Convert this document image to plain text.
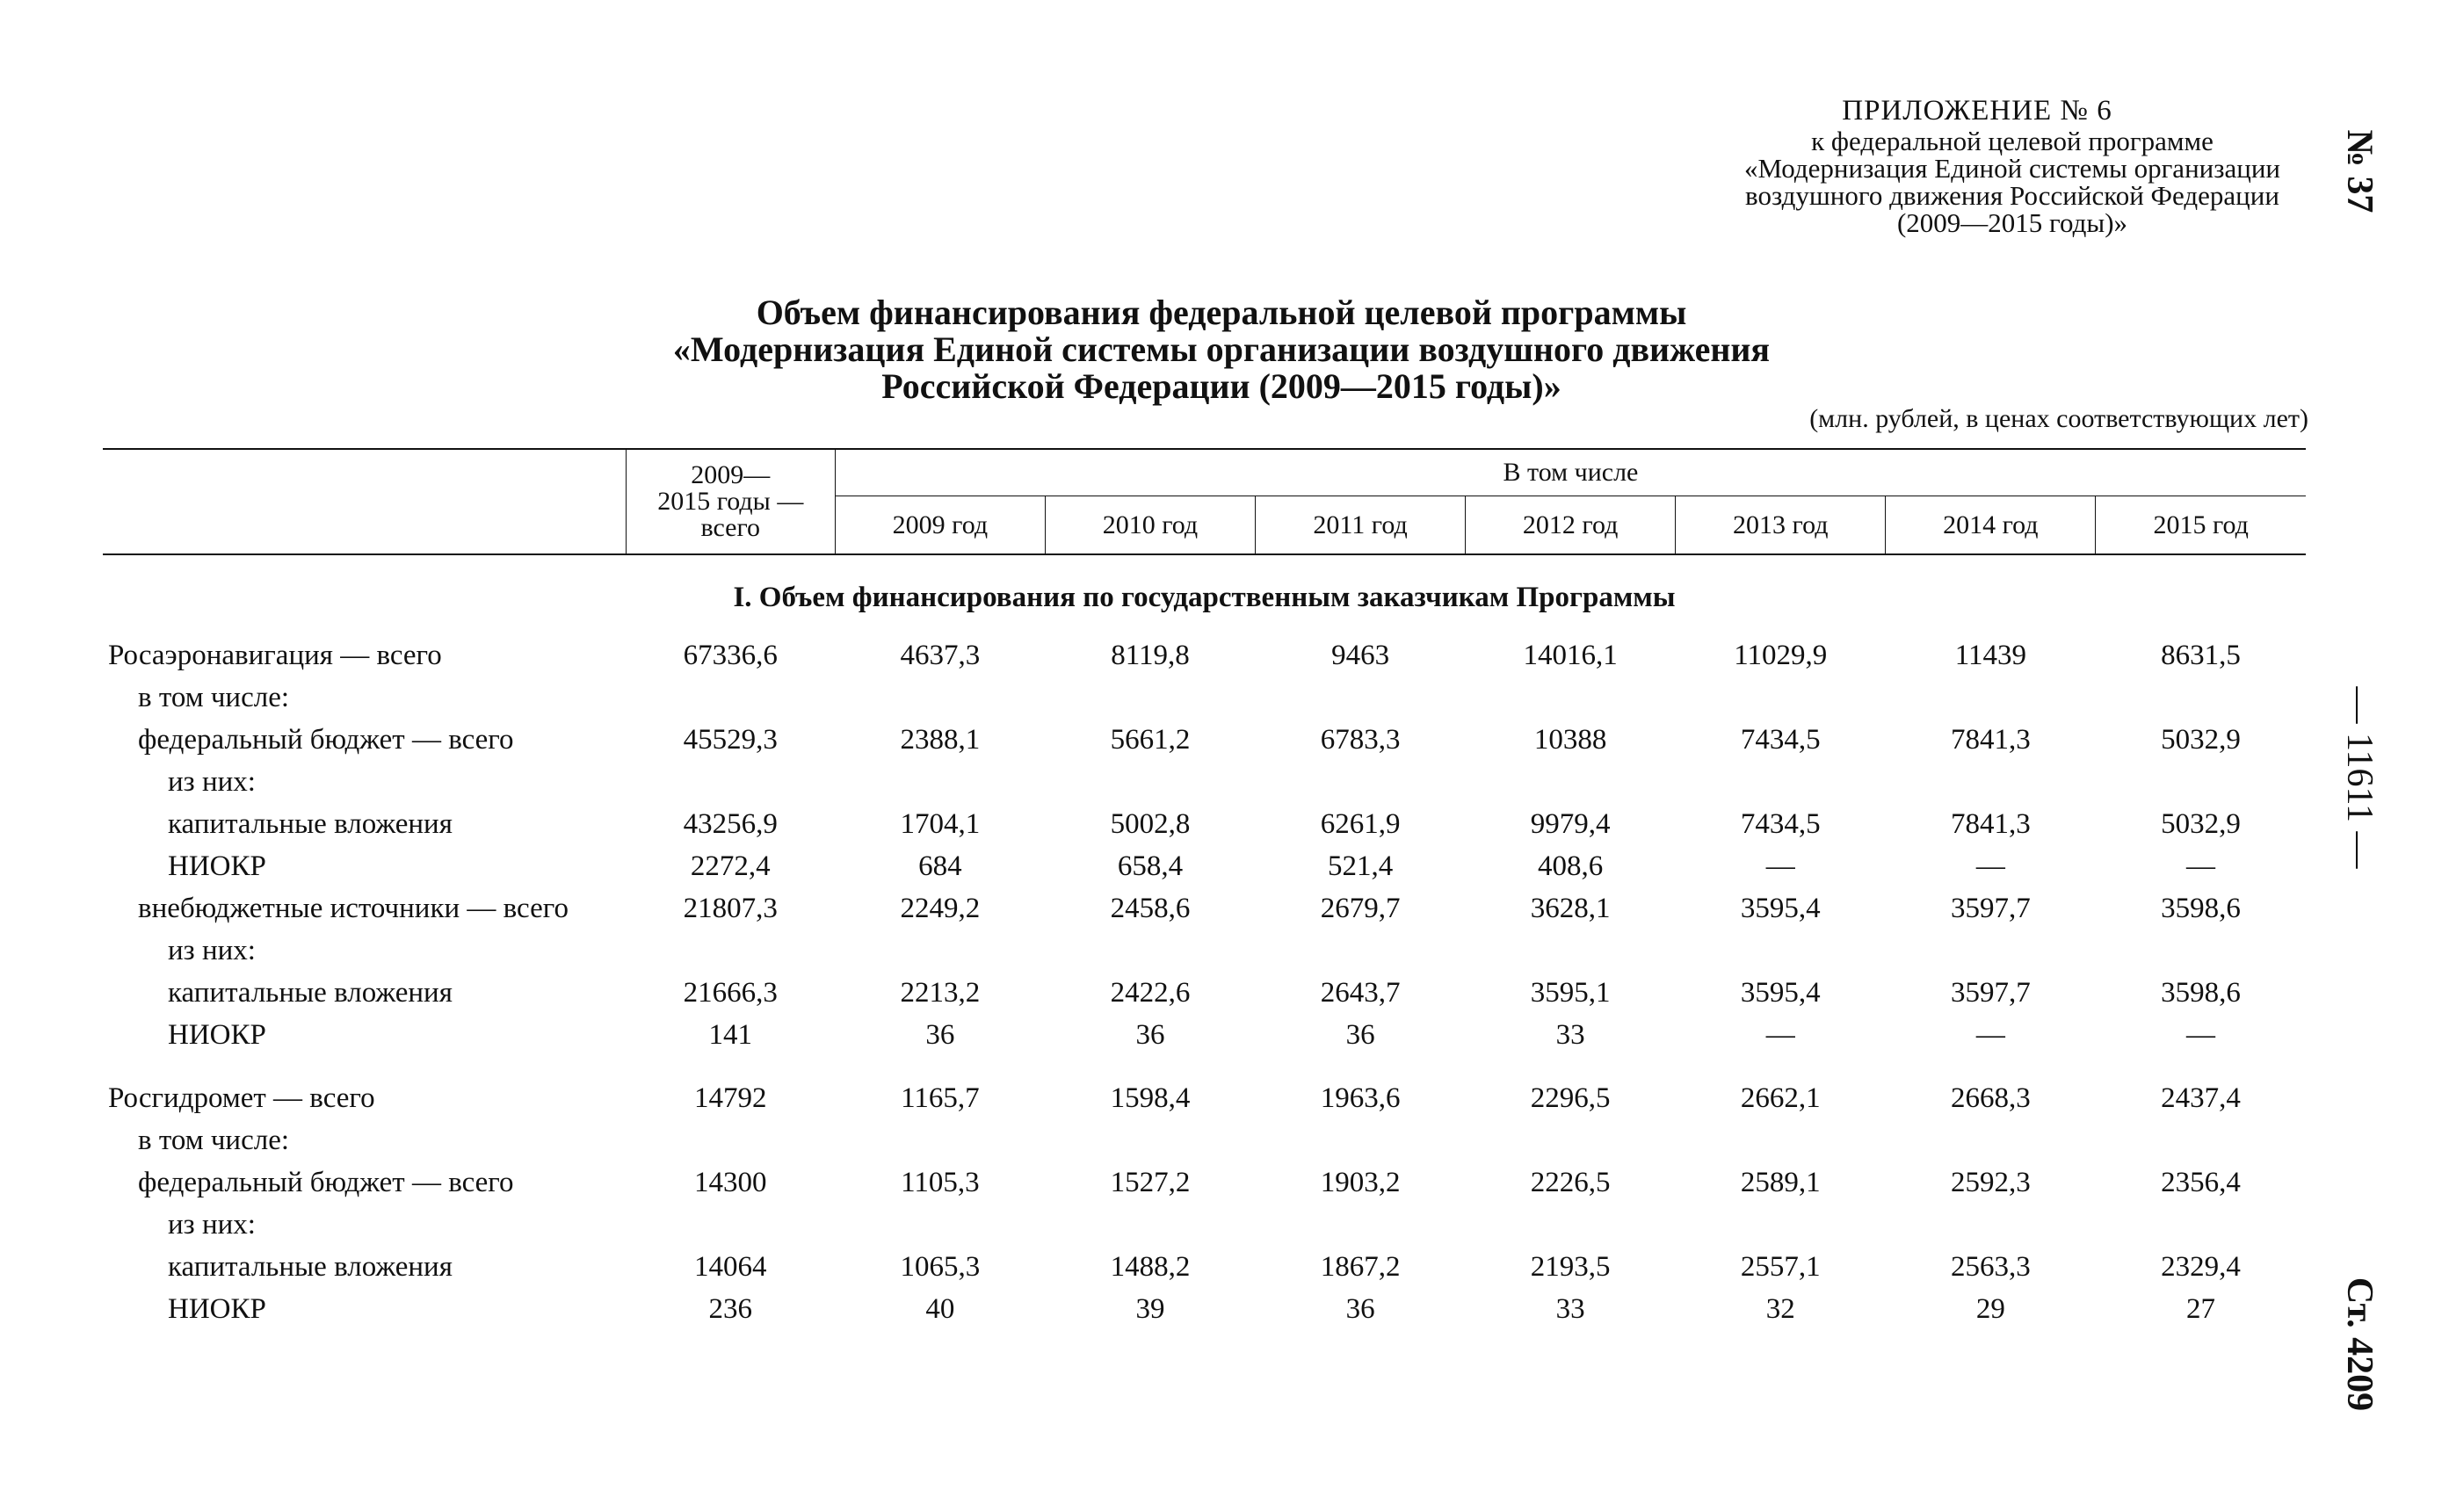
ПРИЛОЖЕНИЕ № 6
к федеральной целевой программе
«Модернизация Единой системы организации
воздушного движения Российской Федерации
(2009—2015 годы)»
№ 37
— 11611 —
Ст. 4209
Объем финансирования федеральной целевой программы
«Модернизация Единой системы организации воздушного движения
Российской Федерации (2009—2015 годы)»
(млн. рублей, в ценах соответствующих лет)

	2009—
2015 годы —
всего	В том числе						
		2009 год	2010 год	2011 год	2012 год	2013 год	2014 год	2015 год
I. Объем финансирования по государственным заказчикам Программы								
Росаэронавигация — всего	67336,6	4637,3	8119,8	9463	14016,1	11029,9	11439	8631,5
в том числе:								
федеральный бюджет — всего	45529,3	2388,1	5661,2	6783,3	10388	7434,5	7841,3	5032,9
из них:								
капитальные вложения	43256,9	1704,1	5002,8	6261,9	9979,4	7434,5	7841,3	5032,9
НИОКР	2272,4	684	658,4	521,4	408,6	—	—	—
внебюджетные источники — всего	21807,3	2249,2	2458,6	2679,7	3628,1	3595,4	3597,7	3598,6
из них:								
капитальные вложения	21666,3	2213,2	2422,6	2643,7	3595,1	3595,4	3597,7	3598,6
НИОКР	141	36	36	36	33	—	—	—

Росгидромет — всего	14792	1165,7	1598,4	1963,6	2296,5	2662,1	2668,3	2437,4
в том числе:								
федеральный бюджет — всего	14300	1105,3	1527,2	1903,2	2226,5	2589,1	2592,3	2356,4
из них:								
капитальные вложения	14064	1065,3	1488,2	1867,2	2193,5	2557,1	2563,3	2329,4
НИОКР	236	40	39	36	33	32	29	27
